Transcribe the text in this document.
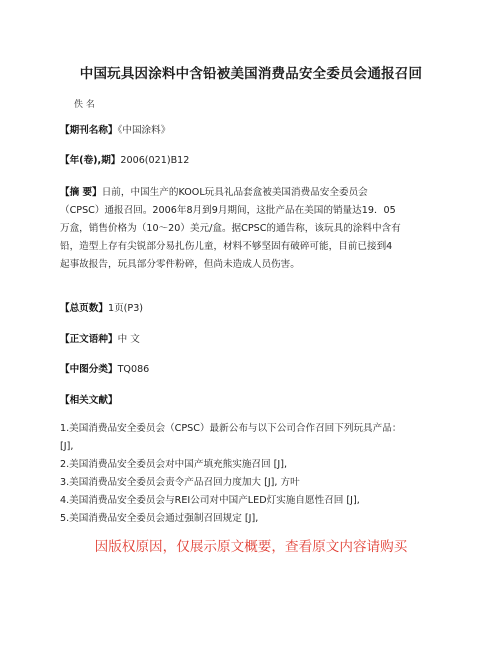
中国玩具因涂料中含铅被美国消费品安全委员会通报召回
佚 名
【期刊名称】《中国涂料》
【年(卷),期】2006(021)B12
【摘 要】日前，中国生产的KOOL玩具礼品套盒被美国消费品安全委员会
（CPSC）通报召回。2006年8月到9月期间，这批产品在美国的销量达19．05
万盒，销售价格为（10～20）美元/盒。据CPSC的通告称，该玩具的涂料中含有
铅，造型上存有尖锐部分易扎伤儿童，材料不够坚固有破碎可能，目前已接到4
起事故报告，玩具部分零件粉碎，但尚未造成人员伤害。
【总页数】1页(P3)
【正文语种】中 文
【中图分类】TQ086
【相关文献】
1.美国消费品安全委员会（CPSC）最新公布与以下公司合作召回下列玩具产品：
[J],
2.美国消费品安全委员会对中国产填充熊实施召回 [J],
3.美国消费品安全委员会责令产品召回力度加大 [J], 方叶
4.美国消费品安全委员会与REI公司对中国产LED灯实施自愿性召回 [J],
5.美国消费品安全委员会通过强制召回规定 [J],
因版权原因，仅展示原文概要，查看原文内容请购买
